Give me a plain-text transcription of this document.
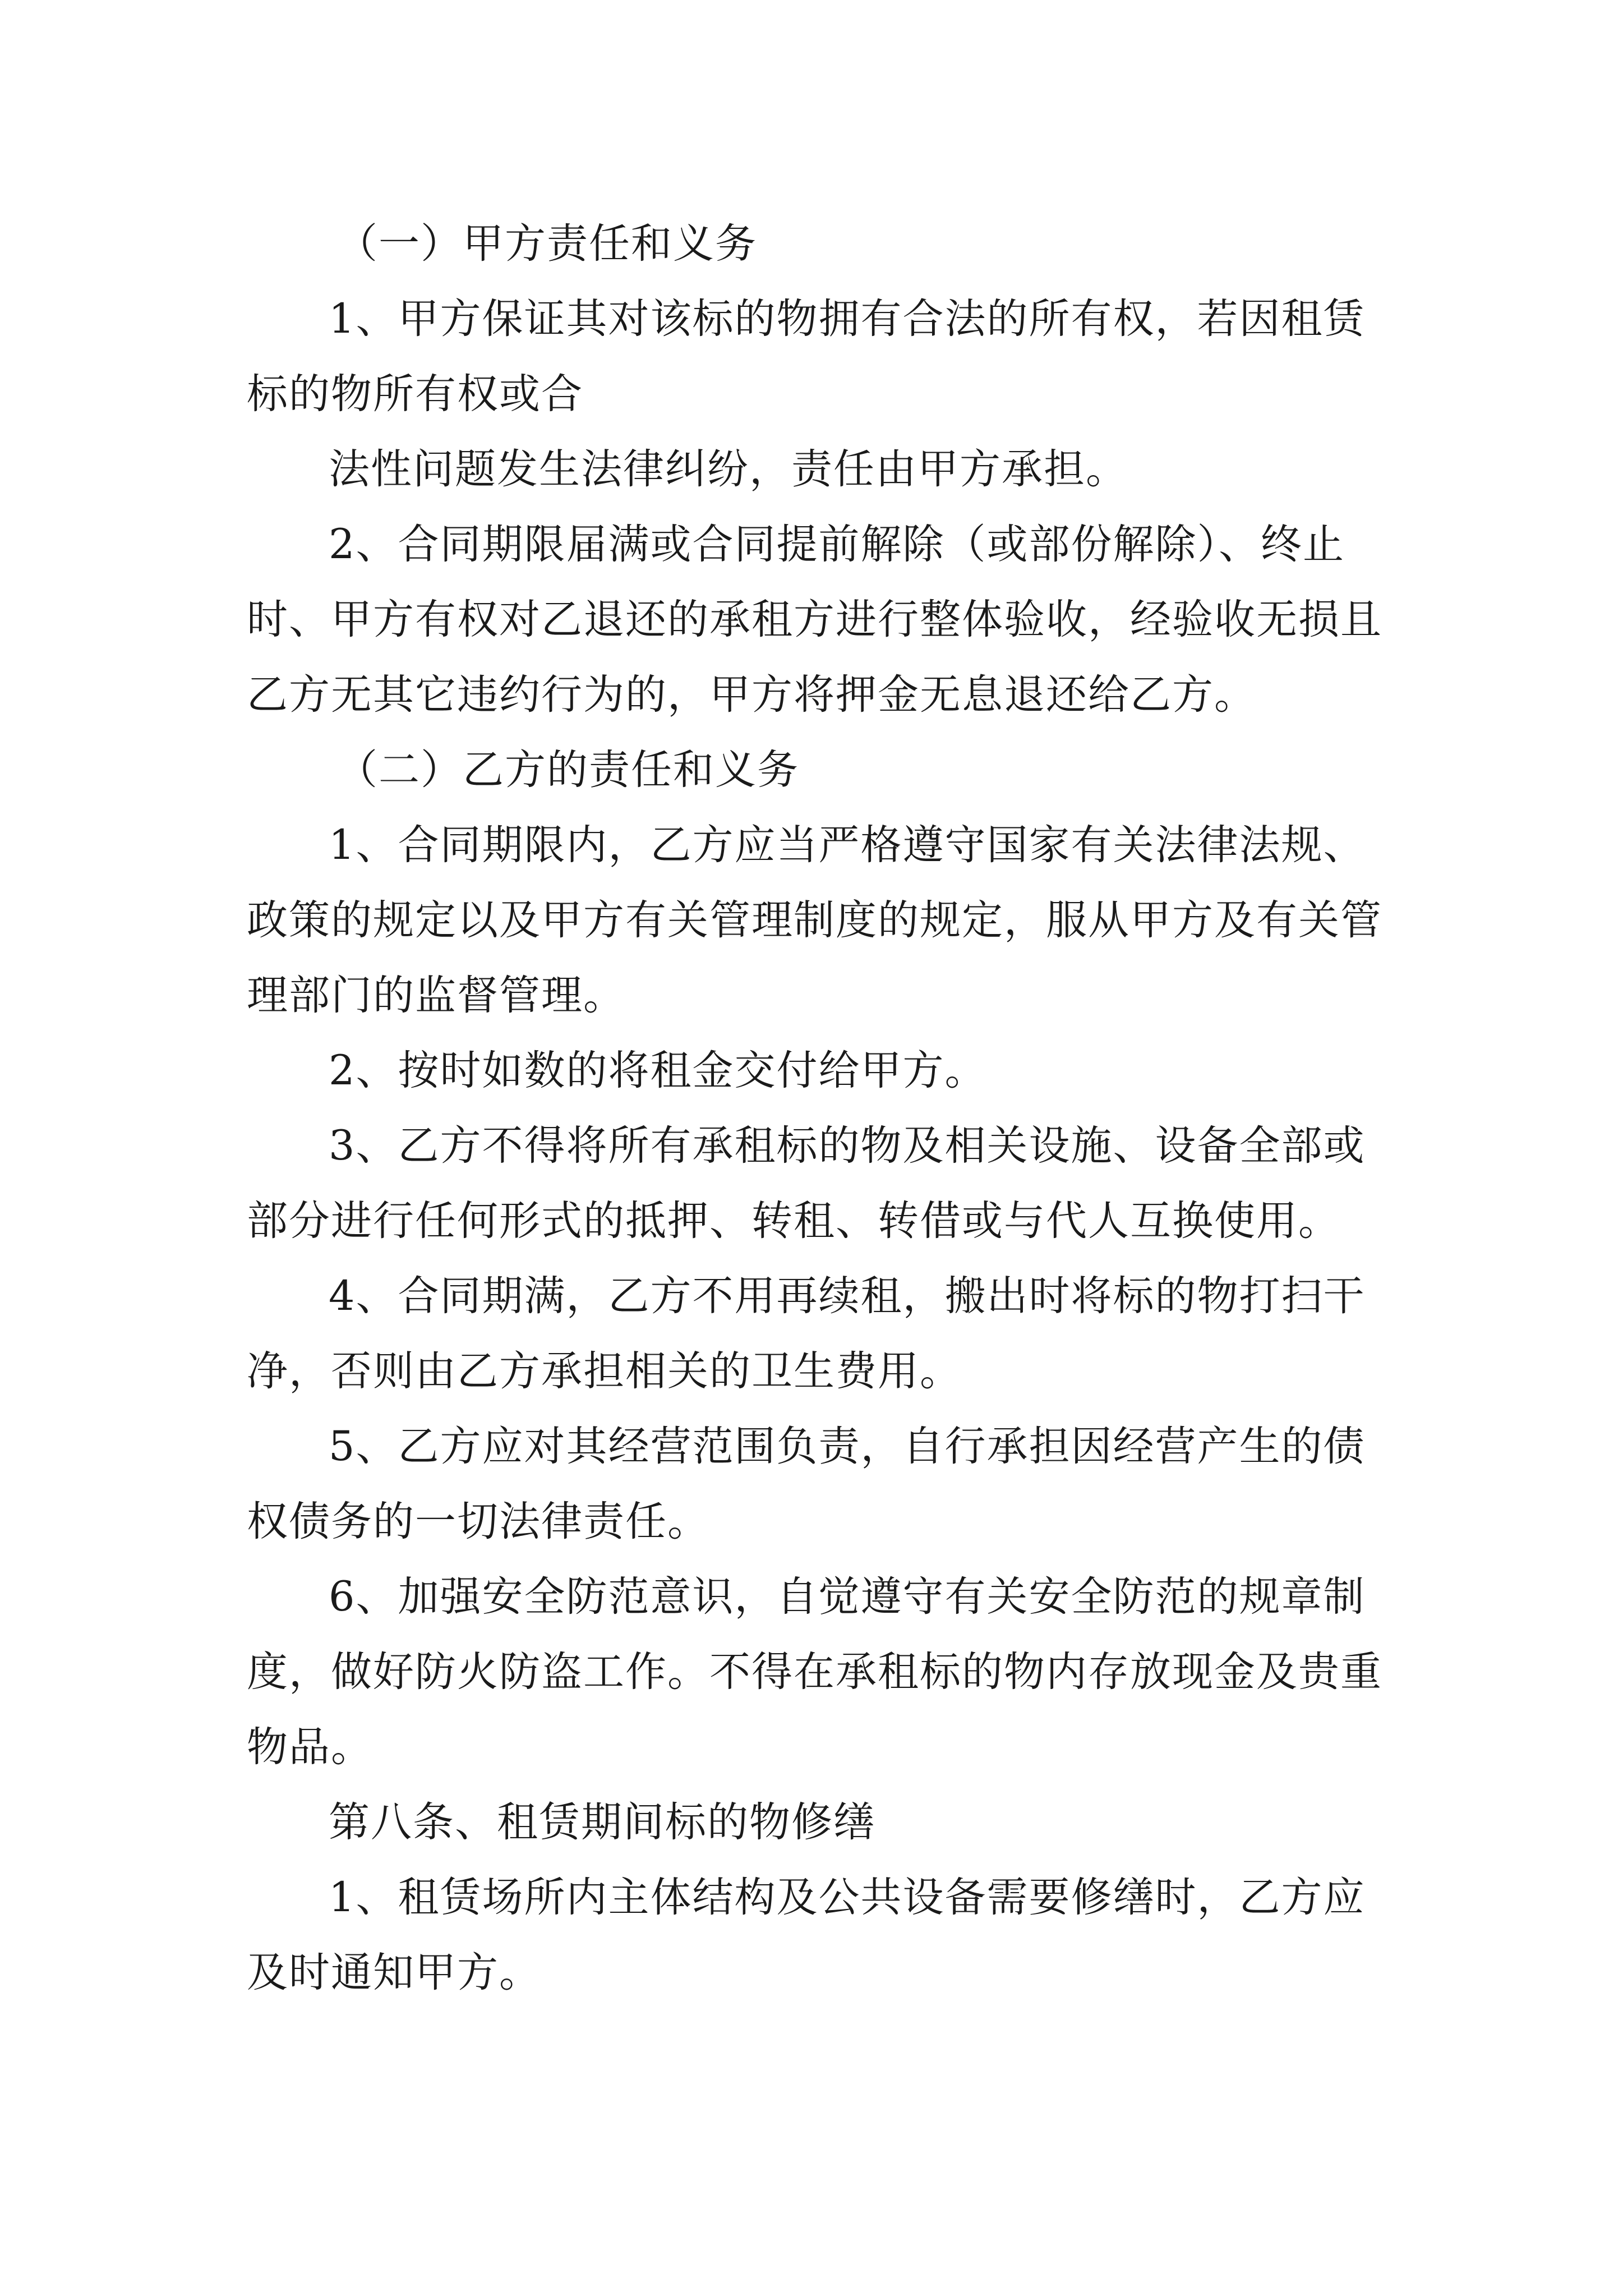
（一）甲方责任和义务

1、甲方保证其对该标的物拥有合法的所有权，若因租赁标的物所有权或合

法性问题发生法律纠纷，责任由甲方承担。

2、合同期限届满或合同提前解除（或部份解除）、终止时、甲方有权对乙退还的承租方进行整体验收，经验收无损且乙方无其它违约行为的，甲方将押金无息退还给乙方。

（二）乙方的责任和义务

1、合同期限内，乙方应当严格遵守国家有关法律法规、政策的规定以及甲方有关管理制度的规定，服从甲方及有关管理部门的监督管理。

2、按时如数的将租金交付给甲方。

3、乙方不得将所有承租标的物及相关设施、设备全部或部分进行任何形式的抵押、转租、转借或与代人互换使用。

4、合同期满，乙方不用再续租，搬出时将标的物打扫干净，否则由乙方承担相关的卫生费用。

5、乙方应对其经营范围负责，自行承担因经营产生的债权债务的一切法律责任。

6、加强安全防范意识，自觉遵守有关安全防范的规章制度，做好防火防盗工作。不得在承租标的物内存放现金及贵重物品。

第八条、租赁期间标的物修缮

1、租赁场所内主体结构及公共设备需要修缮时，乙方应及时通知甲方。
